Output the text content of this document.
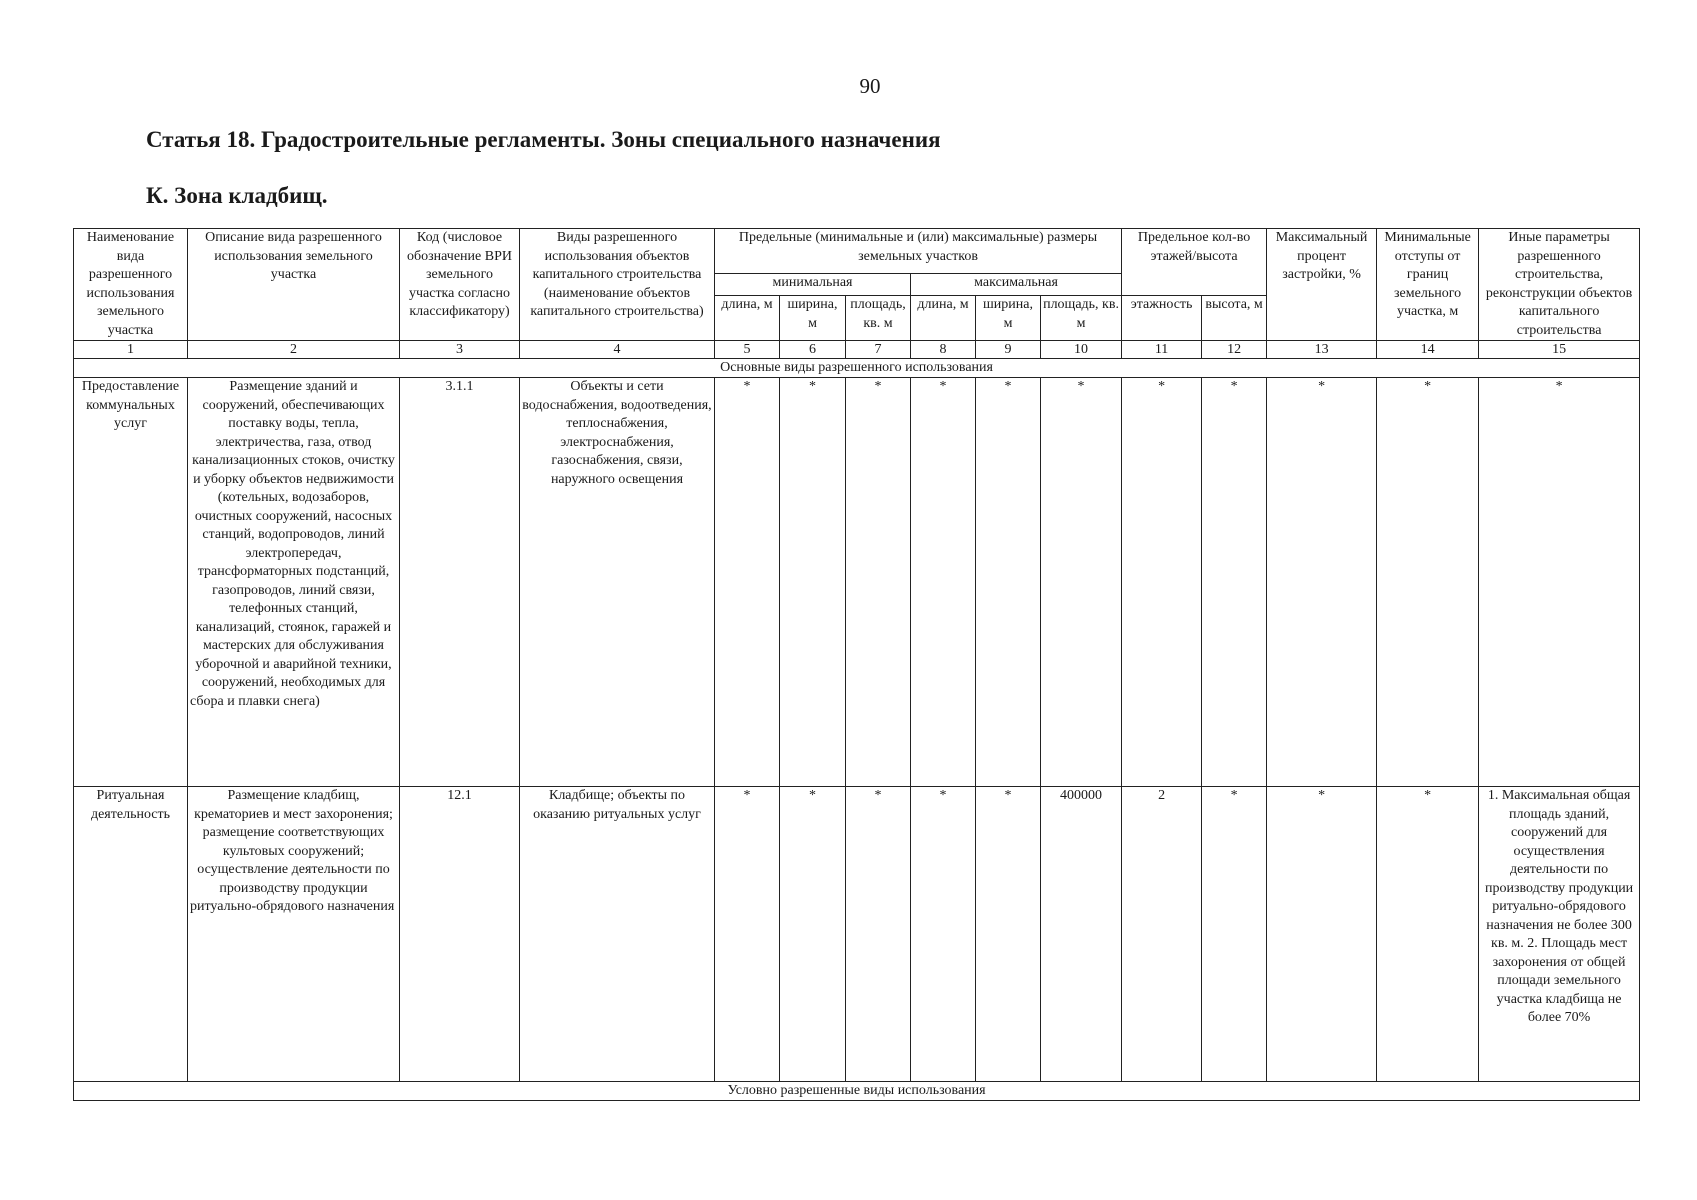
90
Статья 18. Градостроительные регламенты. Зоны специального назначения
К. Зона кладбищ.
Наименование вида разрешенного использования земельного участка	Описание вида разрешенного использования земельного участка	Код (числовое обозначение ВРИ земельного участка согласно классификатору)	Виды разрешенного использования объектов капитального строительства (наименование объектов капитального строительства)	Предельные (минимальные и (или) максимальные) размеры земельных участков						Предельное кол-во этажей/высота		Максимальный процент застройки, %	Минимальные отступы от границ земельного участка, м	Иные параметры разрешенного строительства, реконструкции объектов капитального строительства
				минимальная			максимальная							
				длина, м	ширина, м	площадь, кв. м	длина, м	ширина, м	площадь, кв. м	этажность	высота, м			
1	2	3	4	5	6	7	8	9	10	11	12	13	14	15
Основные виды разрешенного использования														
Предоставление коммунальных услуг	Размещение зданий и сооружений, обеспечивающих поставку воды, тепла, электричества, газа, отвод канализационных стоков, очистку и уборку объектов недвижимости (котельных, водозаборов, очистных сооружений, насосных станций, водопроводов, линий электропередач, трансформаторных подстанций, газопроводов, линий связи, телефонных станций, канализаций, стоянок, гаражей и мастерских для обслуживания уборочной и аварийной техники, сооружений, необходимых для сбора и плавки снега)	3.1.1	Объекты и сети водоснабжения, водоотведения, теплоснабжения, электроснабжения, газоснабжения, связи, наружного освещения	*	*	*	*	*	*	*	*	*	*	*
Ритуальная деятельность	Размещение кладбищ, крематориев и мест захоронения; размещение соответствующих культовых сооружений; осуществление деятельности по производству продукции ритуально-обрядового назначения	12.1	Кладбище; объекты по оказанию ритуальных услуг	*	*	*	*	*	400000	2	*	*	*	1. Максимальная общая площадь зданий, сооружений для осуществления деятельности по производству продукции ритуально-обрядового назначения не более 300 кв. м. 2. Площадь мест захоронения от общей площади земельного участка кладбища не более 70%
Условно разрешенные виды использования														
